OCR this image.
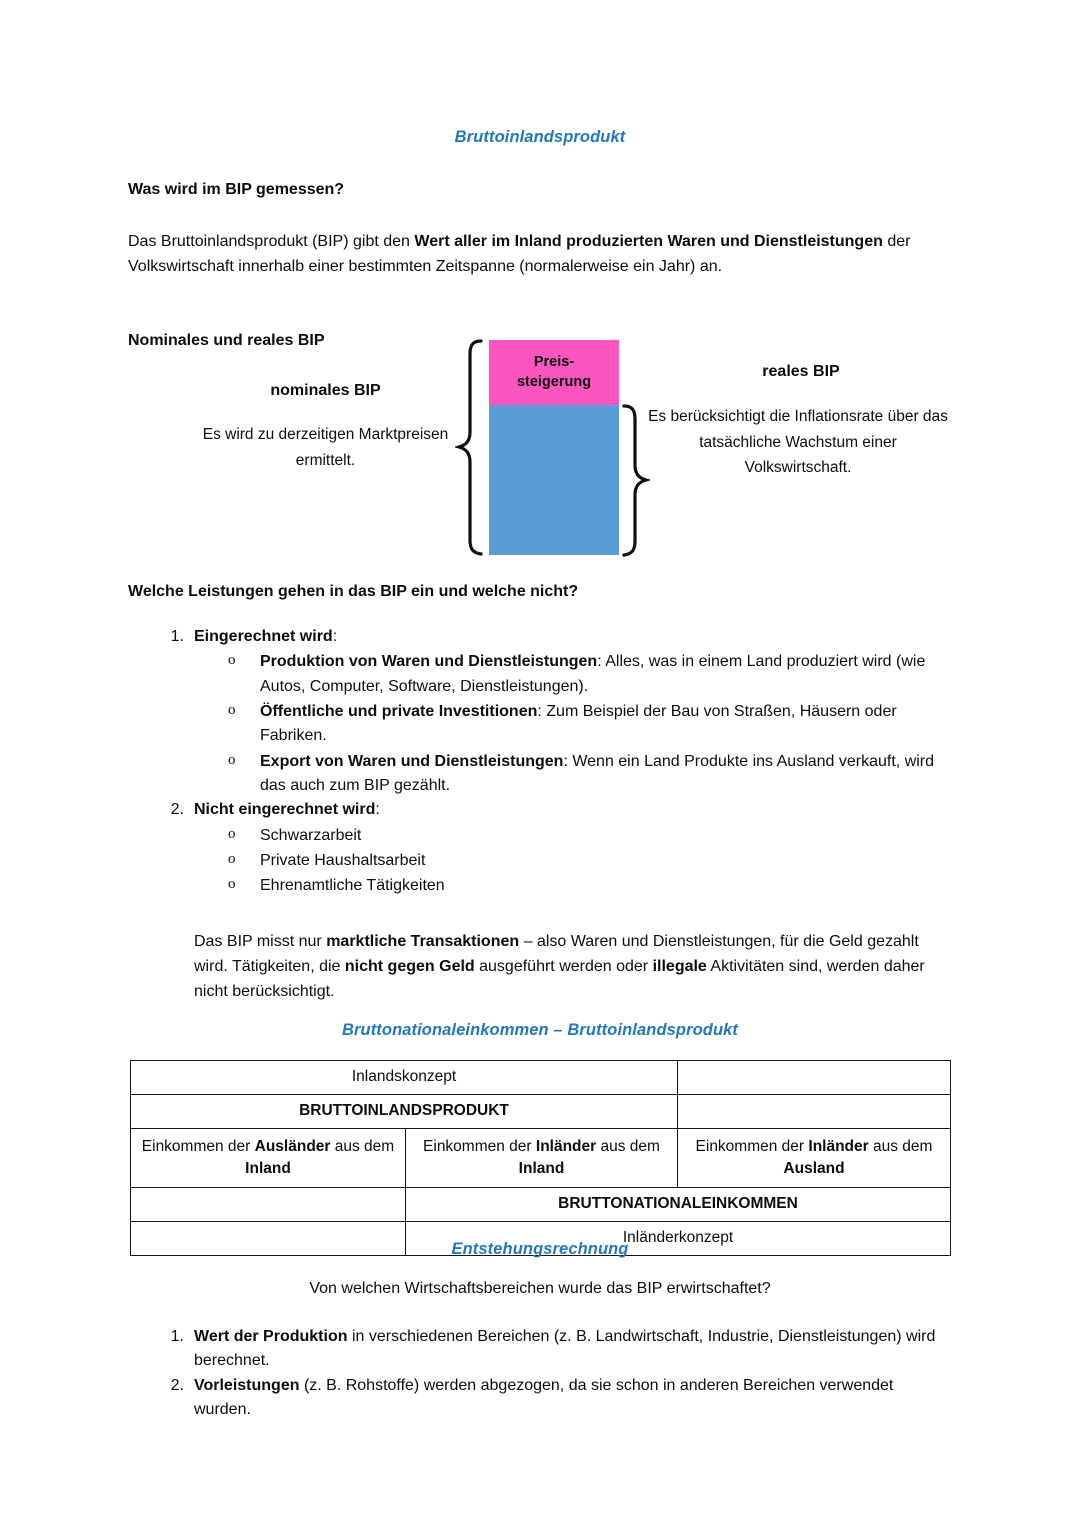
Bruttoinlandsprodukt
Was wird im BIP gemessen?
Das Bruttoinlandsprodukt (BIP) gibt den Wert aller im Inland produzierten Waren und Dienstleistungen der Volkswirtschaft innerhalb einer bestimmten Zeitspanne (normalerweise ein Jahr) an.
Nominales und reales BIP
Preis-
steigerung
nominales BIP
Es wird zu derzeitigen Marktpreisen ermittelt.
reales BIP
Es berücksichtigt die Inflationsrate über das tatsächliche Wachstum einer Volkswirtschaft.
Welche Leistungen gehen in das BIP ein und welche nicht?
1. Eingerechnet wird:
o Produktion von Waren und Dienstleistungen: Alles, was in einem Land produziert wird (wie Autos, Computer, Software, Dienstleistungen).
o Öffentliche und private Investitionen: Zum Beispiel der Bau von Straßen, Häusern oder Fabriken.
o Export von Waren und Dienstleistungen: Wenn ein Land Produkte ins Ausland verkauft, wird das auch zum BIP gezählt.
2. Nicht eingerechnet wird:
o Schwarzarbeit
o Private Haushaltsarbeit
o Ehrenamtliche Tätigkeiten
Das BIP misst nur marktliche Transaktionen – also Waren und Dienstleistungen, für die Geld gezahlt wird. Tätigkeiten, die nicht gegen Geld ausgeführt werden oder illegale Aktivitäten sind, werden daher nicht berücksichtigt.
Bruttonationaleinkommen – Bruttoinlandsprodukt
Inlandskonzept		
BRUTTOINLANDSPRODUKT		
Einkommen der Ausländer aus dem Inland	Einkommen der Inländer aus dem Inland	Einkommen der Inländer aus dem Ausland
	BRUTTONATIONALEINKOMMEN	
	Inländerkonzept	
Entstehungsrechnung
Von welchen Wirtschaftsbereichen wurde das BIP erwirtschaftet?
1. Wert der Produktion in verschiedenen Bereichen (z. B. Landwirtschaft, Industrie, Dienstleistungen) wird berechnet.
2. Vorleistungen (z. B. Rohstoffe) werden abgezogen, da sie schon in anderen Bereichen verwendet wurden.
